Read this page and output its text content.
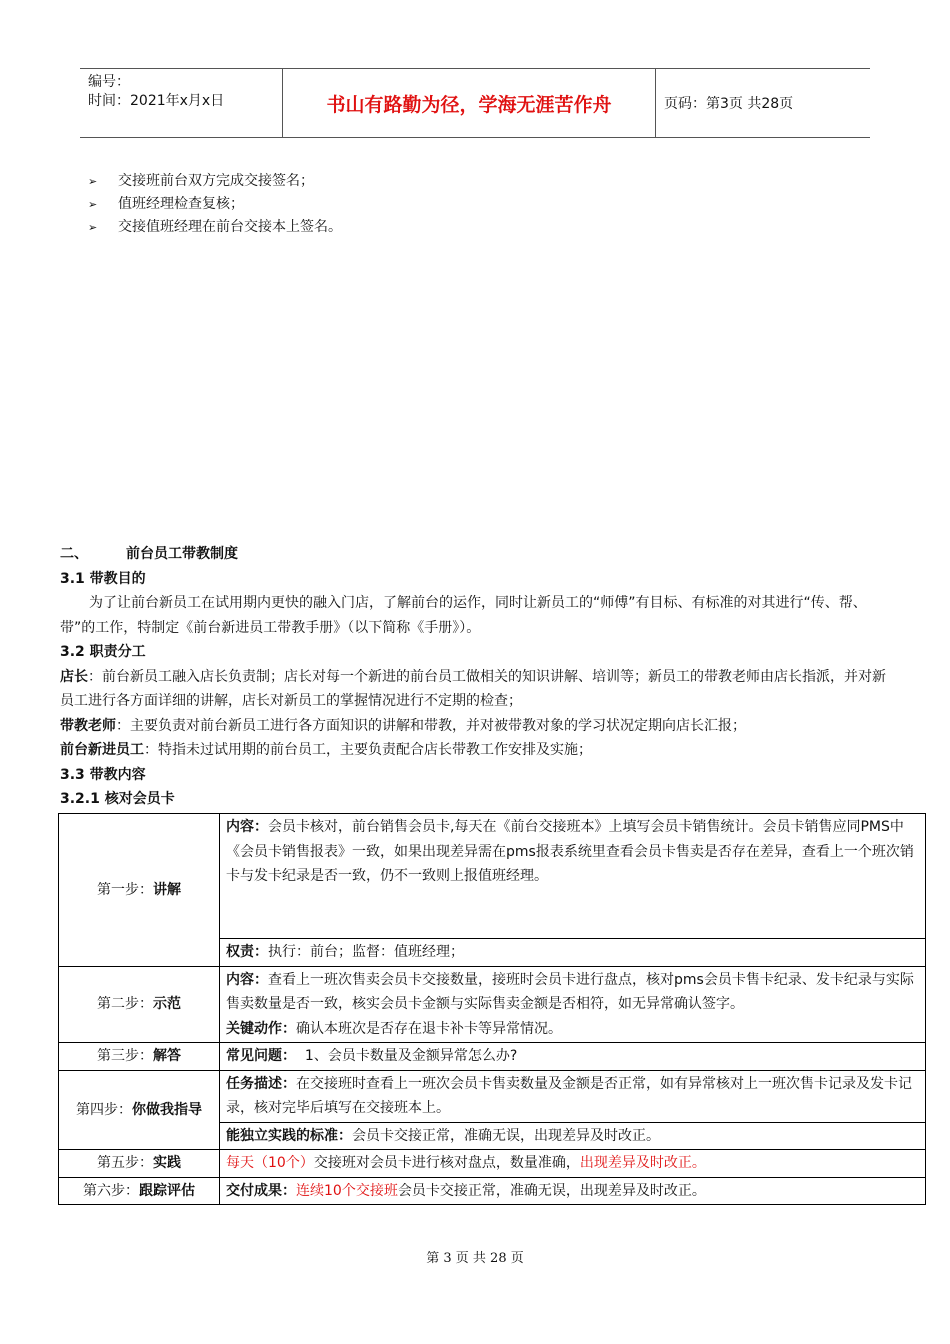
编号：
时间：2021年x月x日	书山有路勤为径，学海无涯苦作舟	页码：第3页 共28页
➢ 交接班前台双方完成交接签名；
➢ 值班经理检查复核；
➢ 交接值班经理在前台交接本上签名。

二、	前台员工带教制度

3.1 带教目的

为了让前台新员工在试用期内更快的融入门店，了解前台的运作，同时让新员工的“师傅”有目标、有标准的对其进行“传、帮、带”的工作，特制定《前台新进员工带教手册》（以下简称《手册》）。

3.2 职责分工

店长：前台新员工融入店长负责制；店长对每一个新进的前台员工做相关的知识讲解、培训等；新员工的带教老师由店长指派，并对新员工进行各方面详细的讲解，店长对新员工的掌握情况进行不定期的检查；

带教老师：主要负责对前台新员工进行各方面知识的讲解和带教，并对被带教对象的学习状况定期向店长汇报；

前台新进员工：特指未过试用期的前台员工，主要负责配合店长带教工作安排及实施；

3.3 带教内容

3.2.1 核对会员卡

第一步：讲解	内容：会员卡核对，前台销售会员卡,每天在《前台交接班本》上填写会员卡销售统计。会员卡销售应同PMS中《会员卡销售报表》一致，如果出现差异需在pms报表系统里查看会员卡售卖是否存在差异，查看上一个班次销卡与发卡纪录是否一致，仍不一致则上报值班经理。
	权责：执行：前台；监督：值班经理；
第二步：示范	内容：查看上一班次售卖会员卡交接数量，接班时会员卡进行盘点，核对pms会员卡售卡纪录、发卡纪录与实际售卖数量是否一致，核实会员卡金额与实际售卖金额是否相符，如无异常确认签字。
关键动作：确认本班次是否存在退卡补卡等异常情况。

第三步：解答	常见问题： 1、会员卡数量及金额异常怎么办?
第四步：你做我指导	任务描述：在交接班时查看上一班次会员卡售卖数量及金额是否正常，如有异常核对上一班次售卡记录及发卡记录，核对完毕后填写在交接班本上。
	能独立实践的标准：会员卡交接正常，准确无误，出现差异及时改正。
第五步：实践	每天（10个）交接班对会员卡进行核对盘点，数量准确，出现差异及时改正。
第六步：跟踪评估	交付成果：连续10个交接班会员卡交接正常，准确无误，出现差异及时改正。
第 3 页 共 28 页
